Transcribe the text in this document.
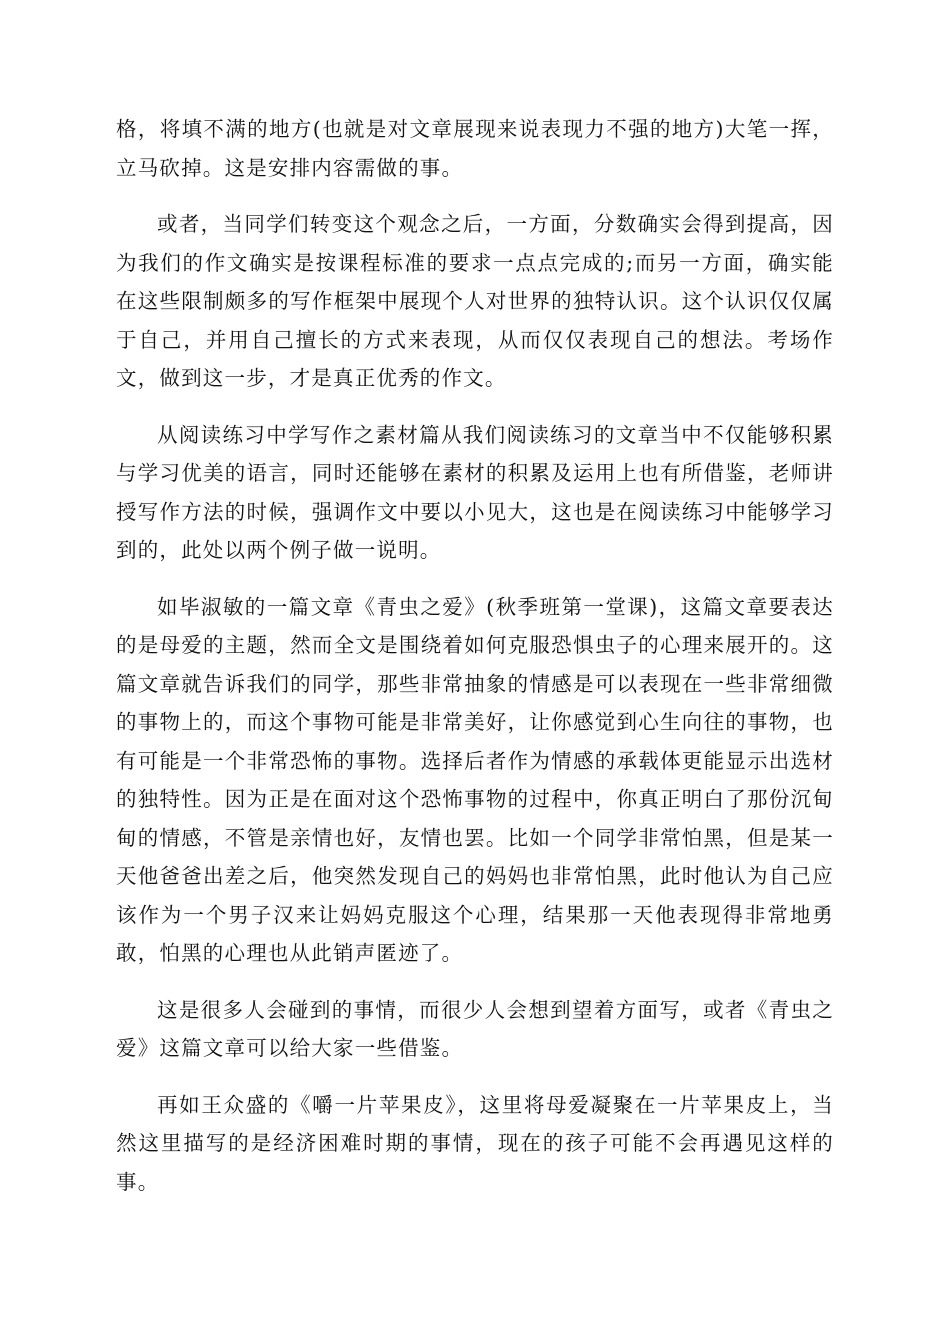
格，将填不满的地方(也就是对文章展现来说表现力不强的地方)大笔一挥，立马砍掉。这是安排内容需做的事。

或者，当同学们转变这个观念之后，一方面，分数确实会得到提高，因为我们的作文确实是按课程标准的要求一点点完成的;而另一方面，确实能在这些限制颇多的写作框架中展现个人对世界的独特认识。这个认识仅仅属于自己，并用自己擅长的方式来表现，从而仅仅表现自己的想法。考场作文，做到这一步，才是真正优秀的作文。

从阅读练习中学写作之素材篇从我们阅读练习的文章当中不仅能够积累与学习优美的语言，同时还能够在素材的积累及运用上也有所借鉴，老师讲授写作方法的时候，强调作文中要以小见大，这也是在阅读练习中能够学习到的，此处以两个例子做一说明。

如毕淑敏的一篇文章《青虫之爱》(秋季班第一堂课)，这篇文章要表达的是母爱的主题，然而全文是围绕着如何克服恐惧虫子的心理来展开的。这篇文章就告诉我们的同学，那些非常抽象的情感是可以表现在一些非常细微的事物上的，而这个事物可能是非常美好，让你感觉到心生向往的事物，也有可能是一个非常恐怖的事物。选择后者作为情感的承载体更能显示出选材的独特性。因为正是在面对这个恐怖事物的过程中，你真正明白了那份沉甸甸的情感，不管是亲情也好，友情也罢。比如一个同学非常怕黑，但是某一天他爸爸出差之后，他突然发现自己的妈妈也非常怕黑，此时他认为自己应该作为一个男子汉来让妈妈克服这个心理，结果那一天他表现得非常地勇敢，怕黑的心理也从此销声匿迹了。

这是很多人会碰到的事情，而很少人会想到望着方面写，或者《青虫之爱》这篇文章可以给大家一些借鉴。

再如王众盛的《嚼一片苹果皮》，这里将母爱凝聚在一片苹果皮上，当然这里描写的是经济困难时期的事情，现在的孩子可能不会再遇见这样的事。
